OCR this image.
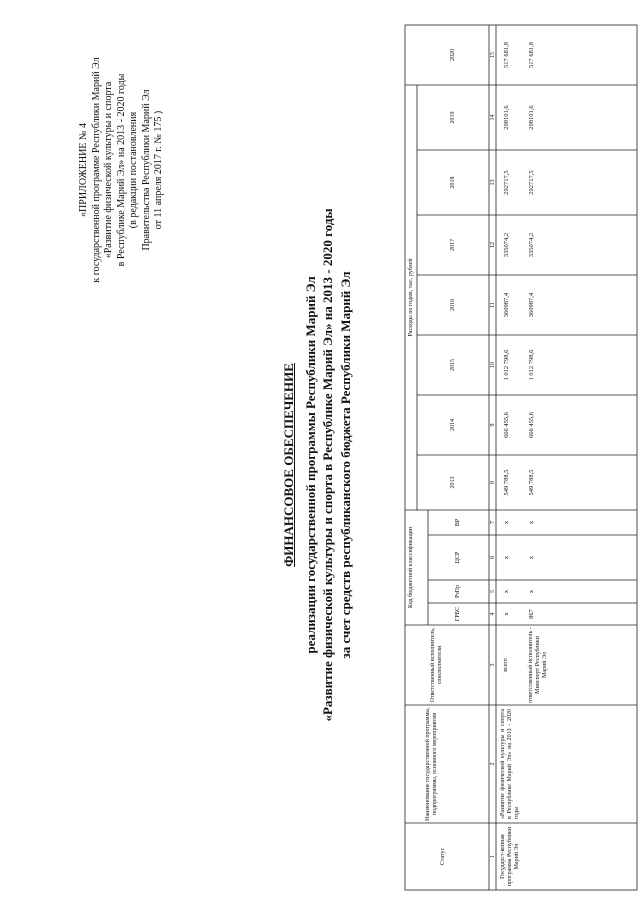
«ПРИЛОЖЕНИЕ № 4 к государственной программе Республики Марий Эл «Развитие физической культуры и спорта в Республике Марий Эл» на 2013 - 2020 годы (в редакции постановления Правительства Республики Марий Эл от 11 апреля 2017 г. № 175 )
ФИНАНСОВОЕ ОБЕСПЕЧЕНИЕ реализации государственной программы Республики Марий Эл «Развитие физической культуры и спорта в Республике Марий Эл» на 2013 - 2020 годы за счет средств республиканского бюджета Республики Марий Эл
Статус
Наименование государственной программы, подпрограммы, основного мероприятия
Ответственный исполнитель, соисполнители
Код бюджетной классификации
ГРБС
РзПр
ЦСР
ВР
Расходы по годам, тыс. рублей
2013
2014
2015
2016
2017
2018
2019
2020
1
2
3
4
5
6
7
8
9
10
11
12
13
14
15
Государст-венная программа Республики Марий Эл
«Развитие физической культуры и спорта в Республике Марий Эл» на 2013 - 2020 годы
всего
х
х
х
х
549 788,5
666 455,6
1 012 798,6
360987,4
335074,2
292717,5
298101,6
517 681,8
ответственный исполнитель - Минспорт Республики Марий Эл
867
х
х
х
549 788,5
666 455,6
1 012 798,6
360987,4
335074,2
292717,5
298101,6
517 681,8
